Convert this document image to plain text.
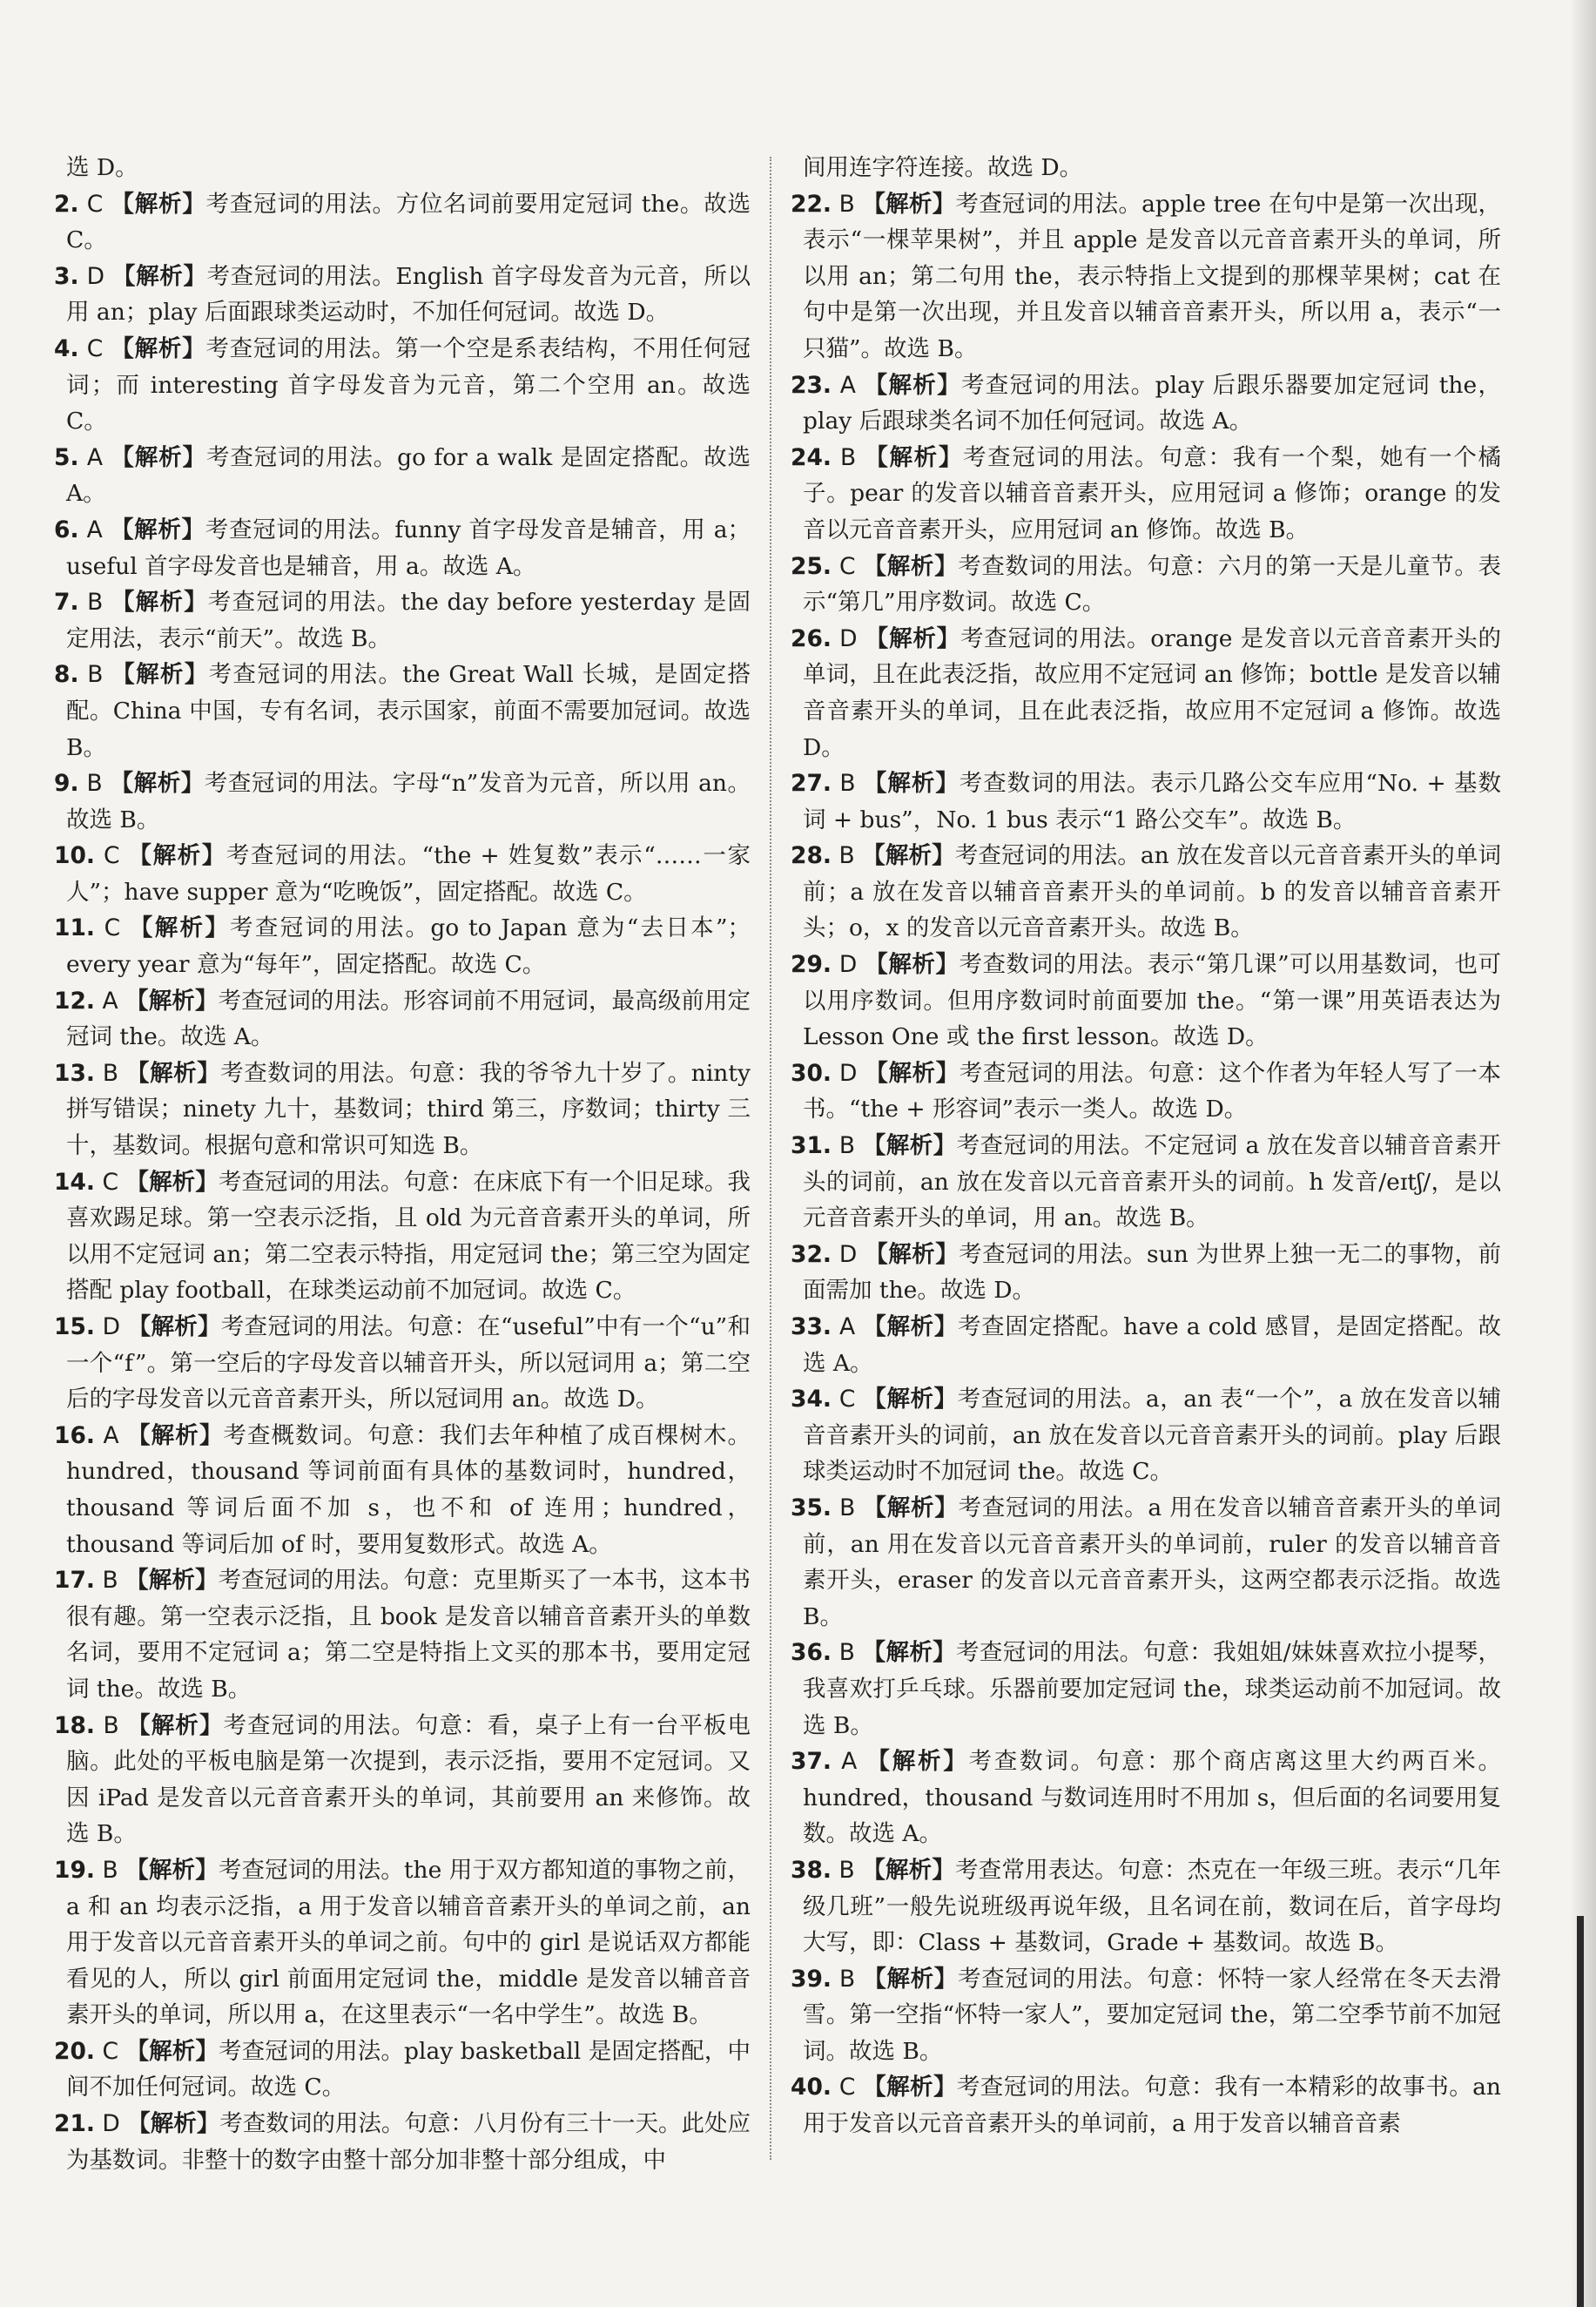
选 D。

2. C 【解析】考查冠词的用法。方位名词前要用定冠词 the。故选 C。

3. D 【解析】考查冠词的用法。English 首字母发音为元音，所以用 an；play 后面跟球类运动时，不加任何冠词。故选 D。

4. C 【解析】考查冠词的用法。第一个空是系表结构，不用任何冠词；而 interesting 首字母发音为元音，第二个空用 an。故选 C。

5. A 【解析】考查冠词的用法。go for a walk 是固定搭配。故选 A。

6. A 【解析】考查冠词的用法。funny 首字母发音是辅音，用 a；useful 首字母发音也是辅音，用 a。故选 A。

7. B 【解析】考查冠词的用法。the day before yesterday 是固定用法，表示“前天”。故选 B。

8. B 【解析】考查冠词的用法。the Great Wall 长城，是固定搭配。China 中国，专有名词，表示国家，前面不需要加冠词。故选 B。

9. B 【解析】考查冠词的用法。字母“n”发音为元音，所以用 an。故选 B。

10. C 【解析】考查冠词的用法。“the + 姓复数”表示“……一家人”；have supper 意为“吃晚饭”，固定搭配。故选 C。

11. C 【解析】考查冠词的用法。go to Japan 意为“去日本”；every year 意为“每年”，固定搭配。故选 C。

12. A 【解析】考查冠词的用法。形容词前不用冠词，最高级前用定冠词 the。故选 A。

13. B 【解析】考查数词的用法。句意：我的爷爷九十岁了。ninty 拼写错误；ninety 九十，基数词；third 第三，序数词；thirty 三十，基数词。根据句意和常识可知选 B。

14. C 【解析】考查冠词的用法。句意：在床底下有一个旧足球。我喜欢踢足球。第一空表示泛指，且 old 为元音音素开头的单词，所以用不定冠词 an；第二空表示特指，用定冠词 the；第三空为固定搭配 play football，在球类运动前不加冠词。故选 C。

15. D 【解析】考查冠词的用法。句意：在“useful”中有一个“u”和一个“f”。第一空后的字母发音以辅音开头，所以冠词用 a；第二空后的字母发音以元音音素开头，所以冠词用 an。故选 D。

16. A 【解析】考查概数词。句意：我们去年种植了成百棵树木。hundred，thousand 等词前面有具体的基数词时，hundred，thousand 等词后面不加 s，也不和 of 连用；hundred，thousand 等词后加 of 时，要用复数形式。故选 A。

17. B 【解析】考查冠词的用法。句意：克里斯买了一本书，这本书很有趣。第一空表示泛指，且 book 是发音以辅音音素开头的单数名词，要用不定冠词 a；第二空是特指上文买的那本书，要用定冠词 the。故选 B。

18. B 【解析】考查冠词的用法。句意：看，桌子上有一台平板电脑。此处的平板电脑是第一次提到，表示泛指，要用不定冠词。又因 iPad 是发音以元音音素开头的单词，其前要用 an 来修饰。故选 B。

19. B 【解析】考查冠词的用法。the 用于双方都知道的事物之前，a 和 an 均表示泛指，a 用于发音以辅音音素开头的单词之前，an 用于发音以元音音素开头的单词之前。句中的 girl 是说话双方都能看见的人，所以 girl 前面用定冠词 the，middle 是发音以辅音音素开头的单词，所以用 a，在这里表示“一名中学生”。故选 B。

20. C 【解析】考查冠词的用法。play basketball 是固定搭配，中间不加任何冠词。故选 C。

21. D 【解析】考查数词的用法。句意：八月份有三十一天。此处应为基数词。非整十的数字由整十部分加非整十部分组成，中

间用连字符连接。故选 D。

22. B 【解析】考查冠词的用法。apple tree 在句中是第一次出现，表示“一棵苹果树”，并且 apple 是发音以元音音素开头的单词，所以用 an；第二句用 the，表示特指上文提到的那棵苹果树；cat 在句中是第一次出现，并且发音以辅音音素开头，所以用 a，表示“一只猫”。故选 B。

23. A 【解析】考查冠词的用法。play 后跟乐器要加定冠词 the，play 后跟球类名词不加任何冠词。故选 A。

24. B 【解析】考查冠词的用法。句意：我有一个梨，她有一个橘子。pear 的发音以辅音音素开头，应用冠词 a 修饰；orange 的发音以元音音素开头，应用冠词 an 修饰。故选 B。

25. C 【解析】考查数词的用法。句意：六月的第一天是儿童节。表示“第几”用序数词。故选 C。

26. D 【解析】考查冠词的用法。orange 是发音以元音音素开头的单词，且在此表泛指，故应用不定冠词 an 修饰；bottle 是发音以辅音音素开头的单词，且在此表泛指，故应用不定冠词 a 修饰。故选 D。

27. B 【解析】考查数词的用法。表示几路公交车应用“No. + 基数词 + bus”，No. 1 bus 表示“1 路公交车”。故选 B。

28. B 【解析】考查冠词的用法。an 放在发音以元音音素开头的单词前；a 放在发音以辅音音素开头的单词前。b 的发音以辅音音素开头；o，x 的发音以元音音素开头。故选 B。

29. D 【解析】考查数词的用法。表示“第几课”可以用基数词，也可以用序数词。但用序数词时前面要加 the。“第一课”用英语表达为 Lesson One 或 the first lesson。故选 D。

30. D 【解析】考查冠词的用法。句意：这个作者为年轻人写了一本书。“the + 形容词”表示一类人。故选 D。

31. B 【解析】考查冠词的用法。不定冠词 a 放在发音以辅音音素开头的词前，an 放在发音以元音音素开头的词前。h 发音/eɪtʃ/，是以元音音素开头的单词，用 an。故选 B。

32. D 【解析】考查冠词的用法。sun 为世界上独一无二的事物，前面需加 the。故选 D。

33. A 【解析】考查固定搭配。have a cold 感冒，是固定搭配。故选 A。

34. C 【解析】考查冠词的用法。a，an 表“一个”，a 放在发音以辅音音素开头的词前，an 放在发音以元音音素开头的词前。play 后跟球类运动时不加冠词 the。故选 C。

35. B 【解析】考查冠词的用法。a 用在发音以辅音音素开头的单词前，an 用在发音以元音音素开头的单词前，ruler 的发音以辅音音素开头，eraser 的发音以元音音素开头，这两空都表示泛指。故选 B。

36. B 【解析】考查冠词的用法。句意：我姐姐/妹妹喜欢拉小提琴，我喜欢打乒乓球。乐器前要加定冠词 the，球类运动前不加冠词。故选 B。

37. A 【解析】考查数词。句意：那个商店离这里大约两百米。hundred，thousand 与数词连用时不用加 s，但后面的名词要用复数。故选 A。

38. B 【解析】考查常用表达。句意：杰克在一年级三班。表示“几年级几班”一般先说班级再说年级，且名词在前，数词在后，首字母均大写，即：Class + 基数词，Grade + 基数词。故选 B。

39. B 【解析】考查冠词的用法。句意：怀特一家人经常在冬天去滑雪。第一空指“怀特一家人”，要加定冠词 the，第二空季节前不加冠词。故选 B。

40. C 【解析】考查冠词的用法。句意：我有一本精彩的故事书。an 用于发音以元音音素开头的单词前，a 用于发音以辅音音素
